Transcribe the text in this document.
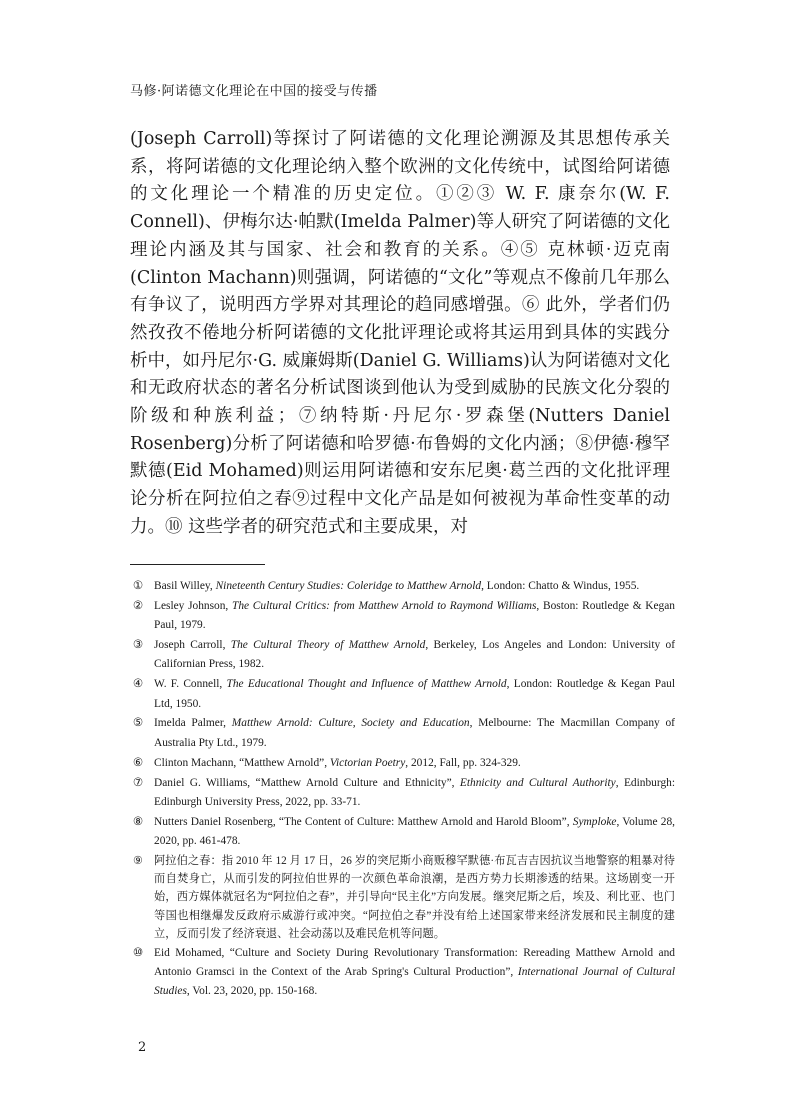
马修·阿诺德文化理论在中国的接受与传播

(Joseph Carroll)等探讨了阿诺德的文化理论溯源及其思想传承关系，将阿诺德的文化理论纳入整个欧洲的文化传统中，试图给阿诺德的文化理论一个精准的历史定位。①②③ W. F. 康奈尔(W. F. Connell)、伊梅尔达·帕默(Imelda Palmer)等人研究了阿诺德的文化理论内涵及其与国家、社会和教育的关系。④⑤ 克林顿·迈克南(Clinton Machann)则强调，阿诺德的“文化”等观点不像前几年那么有争议了，说明西方学界对其理论的趋同感增强。⑥ 此外，学者们仍然孜孜不倦地分析阿诺德的文化批评理论或将其运用到具体的实践分析中，如丹尼尔·G. 威廉姆斯(Daniel G. Williams)认为阿诺德对文化和无政府状态的著名分析试图谈到他认为受到威胁的民族文化分裂的阶级和种族利益；⑦纳特斯·丹尼尔·罗森堡(Nutters Daniel Rosenberg)分析了阿诺德和哈罗德·布鲁姆的文化内涵；⑧伊德·穆罕默德(Eid Mohamed)则运用阿诺德和安东尼奥·葛兰西的文化批评理论分析在阿拉伯之春⑨过程中文化产品是如何被视为革命性变革的动力。⑩ 这些学者的研究范式和主要成果，对

① Basil Willey, Nineteenth Century Studies: Coleridge to Matthew Arnold, London: Chatto & Windus, 1955.
② Lesley Johnson, The Cultural Critics: from Matthew Arnold to Raymond Williams, Boston: Routledge & Kegan Paul, 1979.
③ Joseph Carroll, The Cultural Theory of Matthew Arnold, Berkeley, Los Angeles and London: University of Californian Press, 1982.
④ W. F. Connell, The Educational Thought and Influence of Matthew Arnold, London: Routledge & Kegan Paul Ltd, 1950.
⑤ Imelda Palmer, Matthew Arnold: Culture, Society and Education, Melbourne: The Macmillan Company of Australia Pty Ltd., 1979.
⑥ Clinton Machann, “Matthew Arnold”, Victorian Poetry, 2012, Fall, pp. 324-329.
⑦ Daniel G. Williams, “Matthew Arnold Culture and Ethnicity”, Ethnicity and Cultural Authority, Edinburgh: Edinburgh University Press, 2022, pp. 33-71.
⑧ Nutters Daniel Rosenberg, “The Content of Culture: Matthew Arnold and Harold Bloom”, Symploke, Volume 28, 2020, pp. 461-478.
⑨ 阿拉伯之春：指 2010 年 12 月 17 日，26 岁的突尼斯小商贩穆罕默德·布瓦吉吉因抗议当地警察的粗暴对待而自焚身亡，从而引发的阿拉伯世界的一次颜色革命浪潮，是西方势力长期渗透的结果。这场剧变一开始，西方媒体就冠名为“阿拉伯之春”，并引导向“民主化”方向发展。继突尼斯之后，埃及、利比亚、也门等国也相继爆发反政府示威游行或冲突。“阿拉伯之春”并没有给上述国家带来经济发展和民主制度的建立，反而引发了经济衰退、社会动荡以及难民危机等问题。
⑩ Eid Mohamed, “Culture and Society During Revolutionary Transformation: Rereading Matthew Arnold and Antonio Gramsci in the Context of the Arab Spring's Cultural Production”, International Journal of Cultural Studies, Vol. 23, 2020, pp. 150-168.
2
